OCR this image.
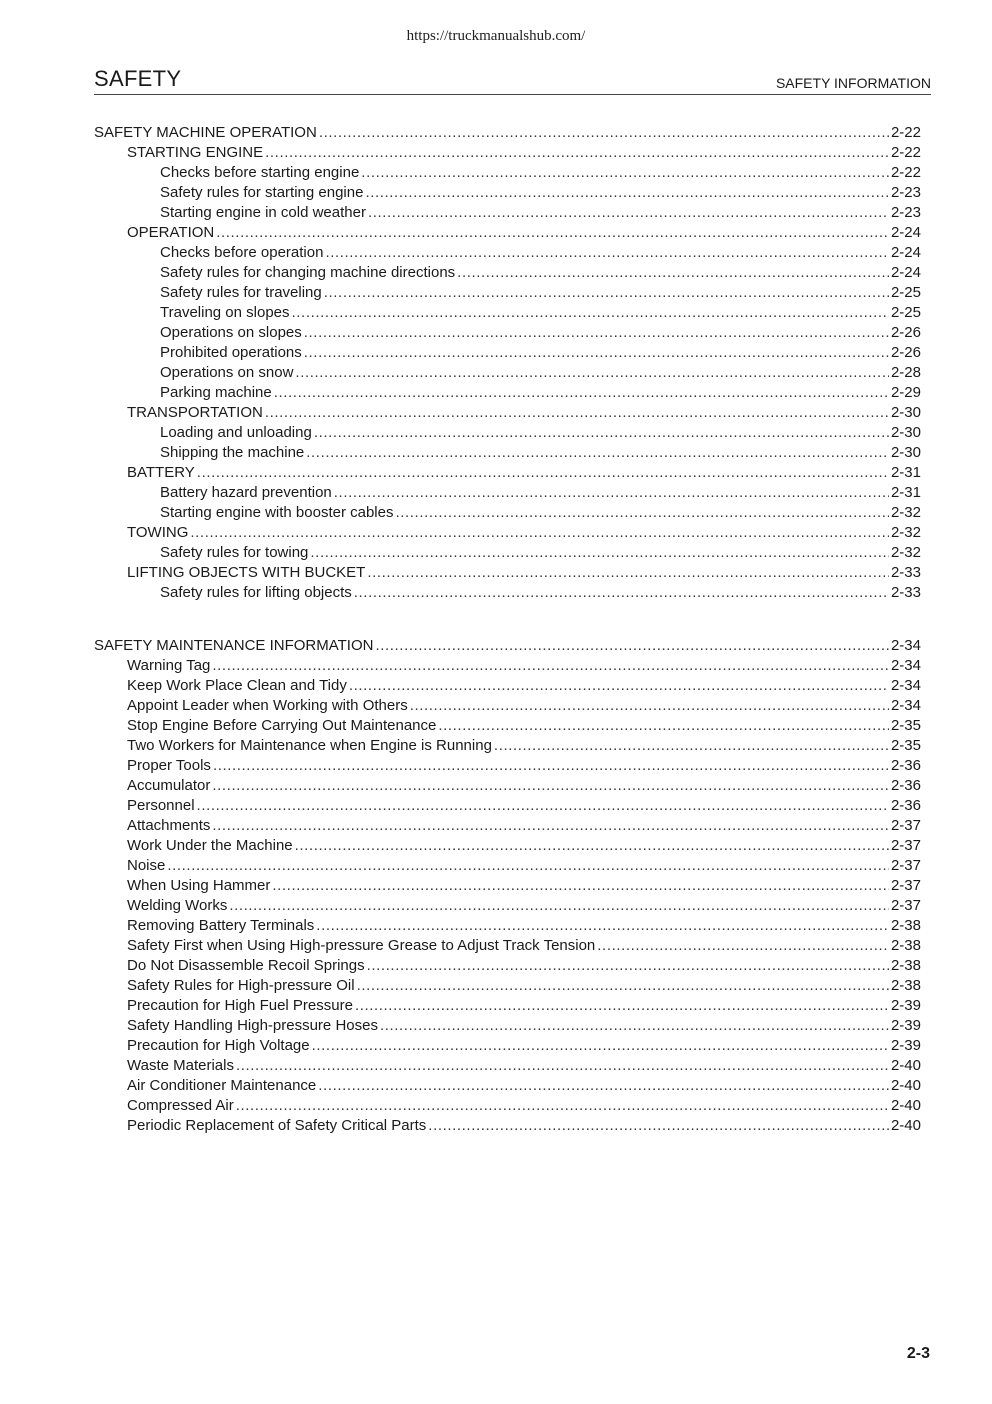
https://truckmanualshub.com/
SAFETY	SAFETY INFORMATION
SAFETY MACHINE OPERATION .....	2-22
STARTING ENGINE .....	2-22
Checks before starting engine .....	2-22
Safety rules for starting engine .....	2-23
Starting engine in cold weather .....	2-23
OPERATION .....	2-24
Checks before operation .....	2-24
Safety rules for changing machine directions .....	2-24
Safety rules for traveling .....	2-25
Traveling on slopes .....	2-25
Operations on slopes .....	2-26
Prohibited operations .....	2-26
Operations on snow .....	2-28
Parking machine .....	2-29
TRANSPORTATION .....	2-30
Loading and unloading .....	2-30
Shipping the machine .....	2-30
BATTERY .....	2-31
Battery hazard prevention .....	2-31
Starting engine with booster cables .....	2-32
TOWING .....	2-32
Safety rules for towing .....	2-32
LIFTING OBJECTS WITH BUCKET .....	2-33
Safety rules for lifting objects .....	2-33
SAFETY MAINTENANCE INFORMATION .....	2-34
Warning Tag .....	2-34
Keep Work Place Clean and Tidy .....	2-34
Appoint Leader when Working with Others .....	2-34
Stop Engine Before Carrying Out Maintenance .....	2-35
Two Workers for Maintenance when Engine is Running .....	2-35
Proper Tools .....	2-36
Accumulator .....	2-36
Personnel .....	2-36
Attachments .....	2-37
Work Under the Machine .....	2-37
Noise .....	2-37
When Using Hammer .....	2-37
Welding Works .....	2-37
Removing Battery Terminals .....	2-38
Safety First when Using High-pressure Grease to Adjust Track Tension .....	2-38
Do Not Disassemble Recoil Springs .....	2-38
Safety Rules for High-pressure Oil .....	2-38
Precaution for High Fuel Pressure .....	2-39
Safety Handling High-pressure Hoses .....	2-39
Precaution for High Voltage .....	2-39
Waste Materials .....	2-40
Air Conditioner Maintenance .....	2-40
Compressed Air .....	2-40
Periodic Replacement of Safety Critical Parts .....	2-40
2-3
